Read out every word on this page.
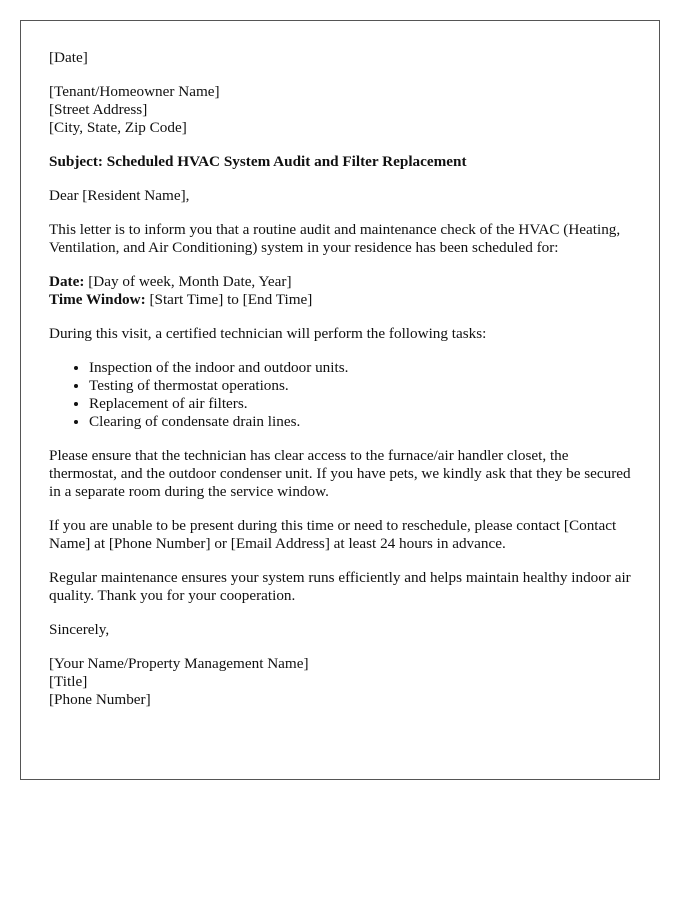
[Date]

[Tenant/Homeowner Name]
[Street Address]
[City, State, Zip Code]

Subject: Scheduled HVAC System Audit and Filter Replacement

Dear [Resident Name],

This letter is to inform you that a routine audit and maintenance check of the HVAC (Heating, Ventilation, and Air Conditioning) system in your residence has been scheduled for:

Date: [Day of week, Month Date, Year]
Time Window: [Start Time] to [End Time]

During this visit, a certified technician will perform the following tasks:

• Inspection of the indoor and outdoor units.
• Testing of thermostat operations.
• Replacement of air filters.
• Clearing of condensate drain lines.

Please ensure that the technician has clear access to the furnace/air handler closet, the thermostat, and the outdoor condenser unit. If you have pets, we kindly ask that they be secured in a separate room during the service window.

If you are unable to be present during this time or need to reschedule, please contact [Contact Name] at [Phone Number] or [Email Address] at least 24 hours in advance.

Regular maintenance ensures your system runs efficiently and helps maintain healthy indoor air quality. Thank you for your cooperation.

Sincerely,

[Your Name/Property Management Name]
[Title]
[Phone Number]
